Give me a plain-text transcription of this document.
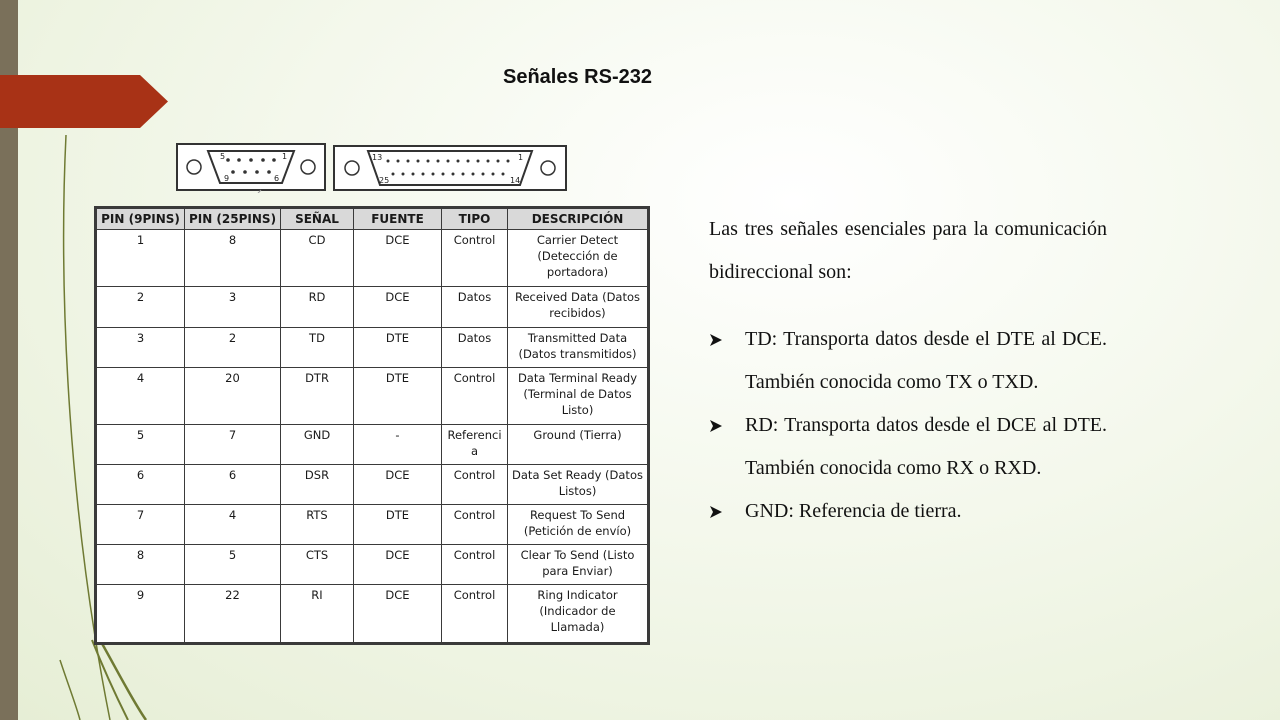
Señales RS-232
5	1
9	6
13	1
25	14
PIN (9PINS)	PIN (25PINS)	SEÑAL	FUENTE	TIPO	DESCRIPCIÓN
1	8	CD	DCE	Control	Carrier Detect (Detección de portadora)
2	3	RD	DCE	Datos	Received Data (Datos recibidos)
3	2	TD	DTE	Datos	Transmitted Data (Datos transmitidos)
4	20	DTR	DTE	Control	Data Terminal Ready (Terminal de Datos Listo)
5	7	GND	-	Referenci a	Ground (Tierra)
6	6	DSR	DCE	Control	Data Set Ready (Datos Listos)
7	4	RTS	DTE	Control	Request To Send (Petición de envío)
8	5	CTS	DCE	Control	Clear To Send (Listo para Enviar)
9	22	RI	DCE	Control	Ring Indicator (Indicador de Llamada)

Las tres señales esenciales para la comunicación bidireccional son:

TD: Transporta datos desde el DTE al DCE. También conocida como TX o TXD.
RD: Transporta datos desde el DCE al DTE. También conocida como RX o RXD.
GND: Referencia de tierra.
